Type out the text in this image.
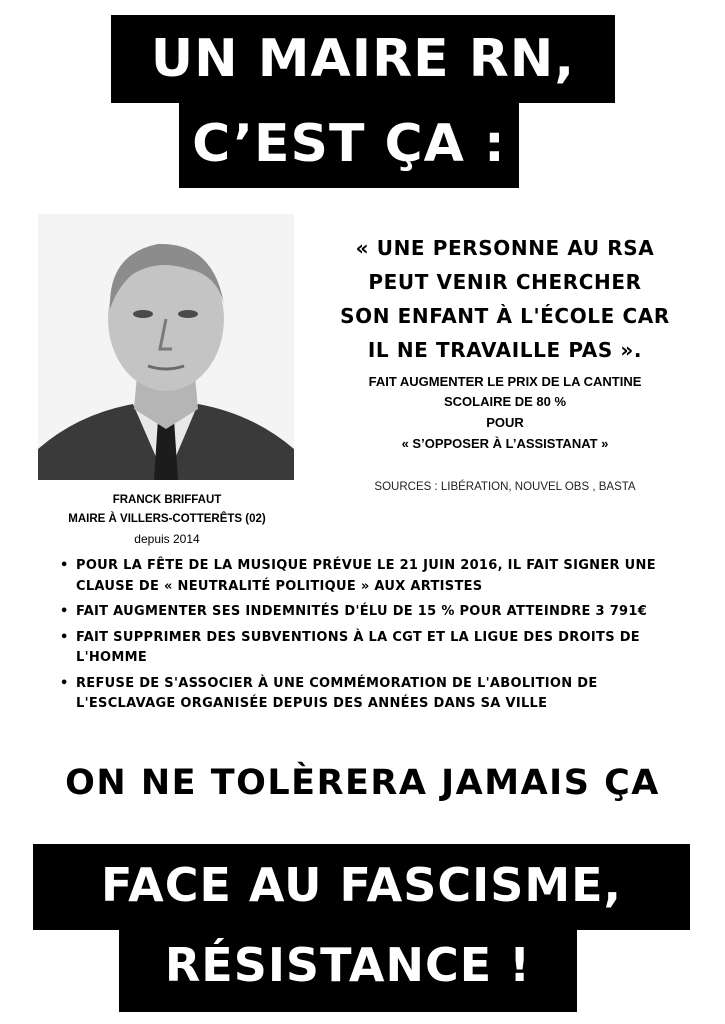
UN MAIRE RN,
C’EST ÇA :
« UNE PERSONNE AU RSA
PEUT VENIR CHERCHER
SON ENFANT À L'ÉCOLE CAR
IL NE TRAVAILLE PAS ».
FAIT AUGMENTER LE PRIX DE LA CANTINE
SCOLAIRE DE 80 %
POUR
« S’OPPOSER À L’ASSISTANAT »
SOURCES : LIBÉRATION, NOUVEL OBS , BASTA
FRANCK BRIFFAUT
MAIRE À VILLERS-COTTERÊTS (02)
depuis 2014
• POUR LA FÊTE DE LA MUSIQUE PRÉVUE LE 21 JUIN 2016, IL FAIT SIGNER UNE CLAUSE DE « NEUTRALITÉ POLITIQUE » AUX ARTISTES
• FAIT AUGMENTER SES INDEMNITÉS D'ÉLU DE 15 % POUR ATTEINDRE 3 791€
• FAIT SUPPRIMER DES SUBVENTIONS À LA CGT ET LA LIGUE DES DROITS DE L'HOMME
• REFUSE DE S'ASSOCIER À UNE COMMÉMORATION DE L'ABOLITION DE L'ESCLAVAGE ORGANISÉE DEPUIS DES ANNÉES DANS SA VILLE
ON NE TOLÈRERA JAMAIS ÇA
FACE AU FASCISME,
RÉSISTANCE !
